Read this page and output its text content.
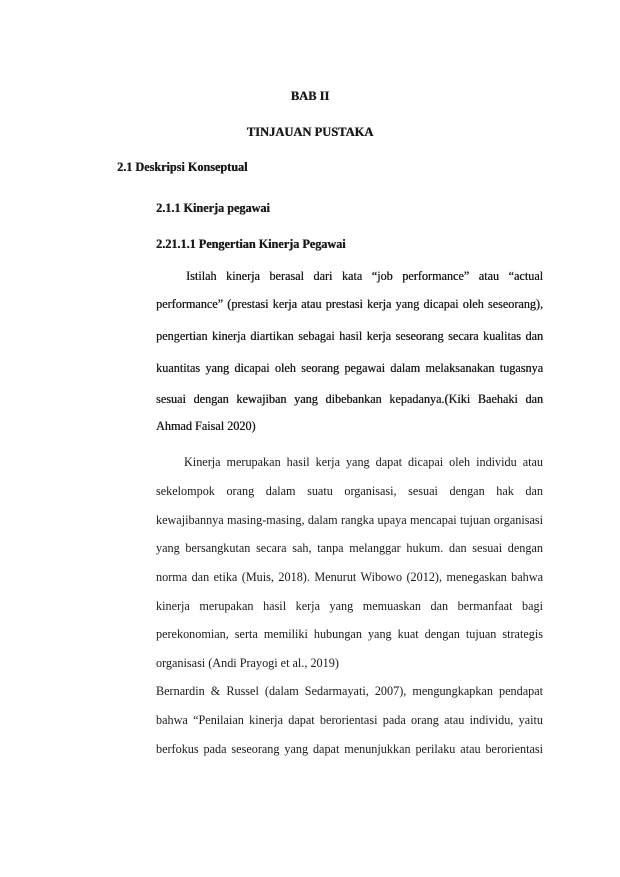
BAB II

TINJAUAN PUSTAKA

2.1 Deskripsi Konseptual

2.1.1 Kinerja pegawai

2.21.1.1 Pengertian Kinerja Pegawai

Istilah kinerja berasal dari kata “job performance” atau “actual
performance” (prestasi kerja atau prestasi kerja yang dicapai oleh seseorang),
pengertian kinerja diartikan sebagai hasil kerja seseorang secara kualitas dan
kuantitas yang dicapai oleh seorang pegawai dalam melaksanakan tugasnya
sesuai dengan kewajiban yang dibebankan kepadanya.(Kiki Baehaki dan
Ahmad Faisal 2020)
Kinerja merupakan hasil kerja yang dapat dicapai oleh individu atau
sekelompok orang dalam suatu organisasi, sesuai dengan hak dan
kewajibannya masing-masing, dalam rangka upaya mencapai tujuan organisasi
yang bersangkutan secara sah, tanpa melanggar hukum. dan sesuai dengan
norma dan etika (Muis, 2018). Menurut Wibowo (2012), menegaskan bahwa
kinerja merupakan hasil kerja yang memuaskan dan bermanfaat bagi
perekonomian, serta memiliki hubungan yang kuat dengan tujuan strategis
organisasi (Andi Prayogi et al., 2019)
Bernardin & Russel (dalam Sedarmayati, 2007), mengungkapkan pendapat
bahwa “Penilaian kinerja dapat berorientasi pada orang atau individu, yaitu
berfokus pada seseorang yang dapat menunjukkan perilaku atau berorientasi
